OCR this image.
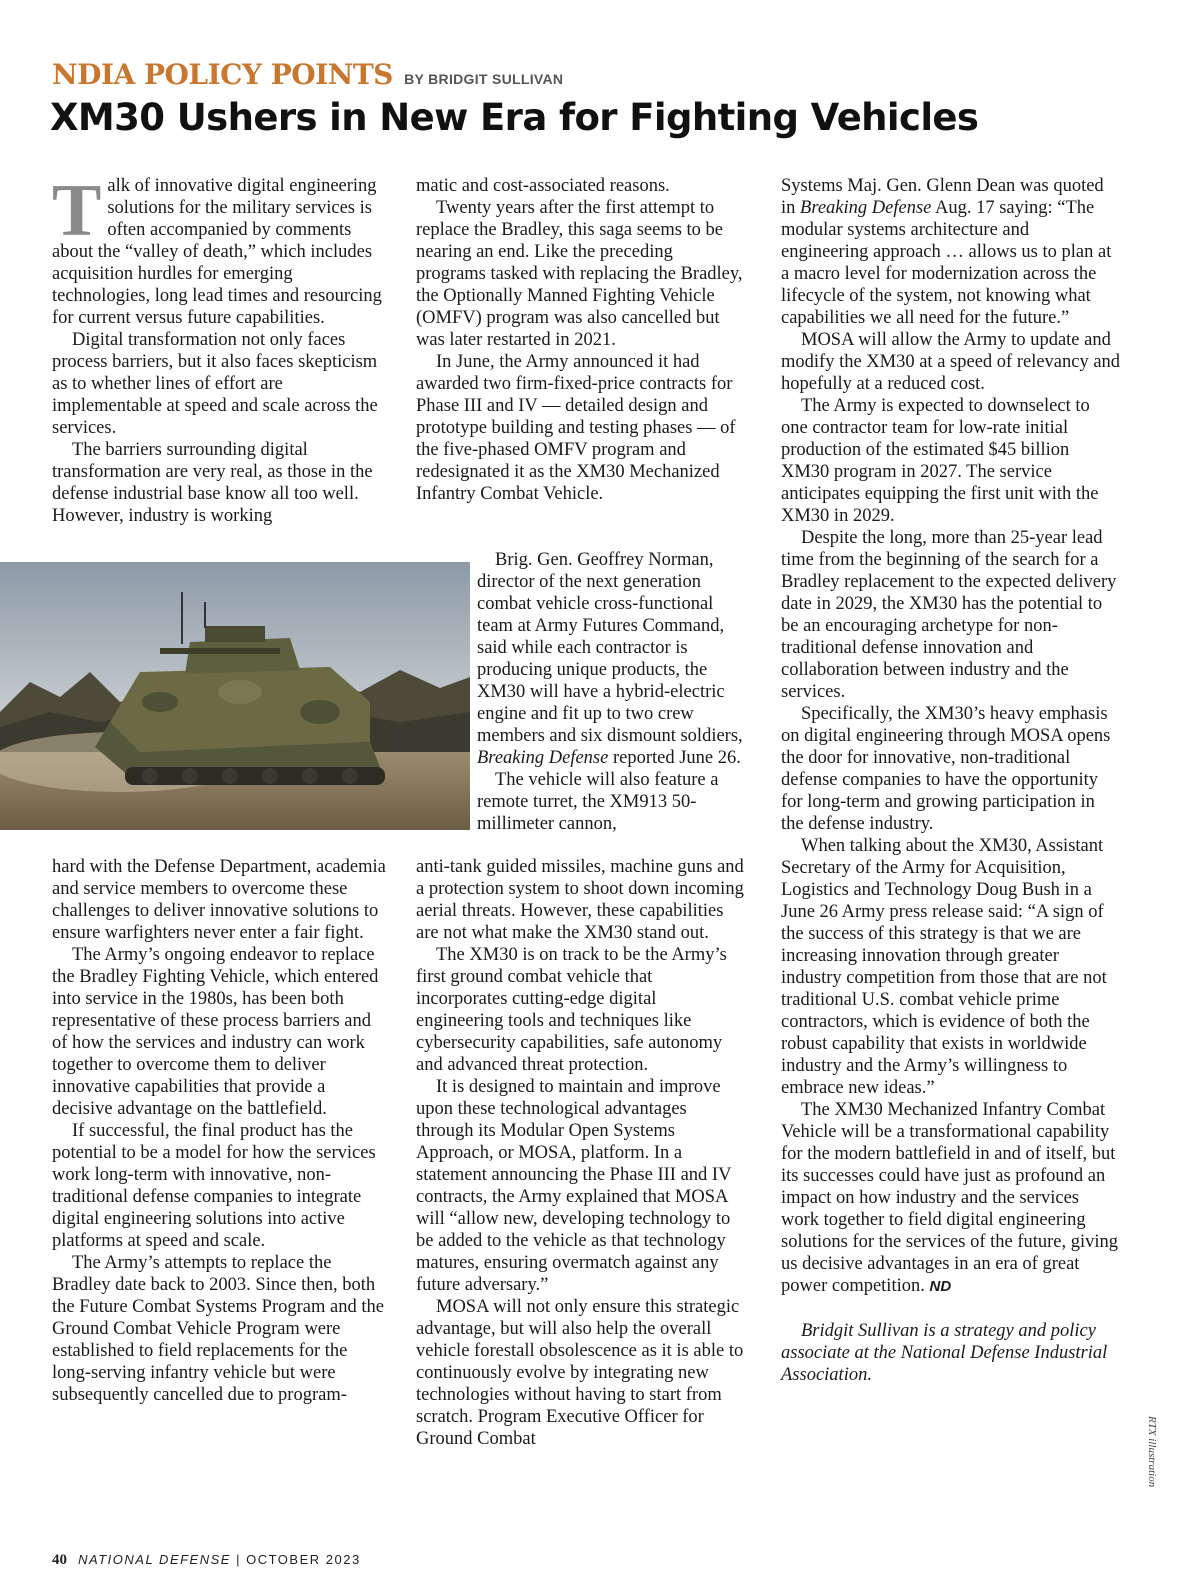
NDIA POLICY POINTS BY BRIDGIT SULLIVAN
XM30 Ushers in New Era for Fighting Vehicles

Talk of innovative digital engineering solutions for the military services is often accompanied by comments about the “valley of death,” which includes acquisition hurdles for emerging technologies, long lead times and resourcing for current versus future capabilities.

Digital transformation not only faces process barriers, but it also faces skepticism as to whether lines of effort are implementable at speed and scale across the services.

The barriers surrounding digital transformation are very real, as those in the defense industrial base know all too well. However, industry is working

hard with the Defense Department, academia and service members to overcome these challenges to deliver innovative solutions to ensure warfighters never enter a fair fight.

The Army’s ongoing endeavor to replace the Bradley Fighting Vehicle, which entered into service in the 1980s, has been both representative of these process barriers and of how the services and industry can work together to overcome them to deliver innovative capabilities that provide a decisive advantage on the battlefield.

If successful, the final product has the potential to be a model for how the services work long-term with innovative, non-traditional defense companies to integrate digital engineering solutions into active platforms at speed and scale.

The Army’s attempts to replace the Bradley date back to 2003. Since then, both the Future Combat Systems Program and the Ground Combat Vehicle Program were established to field replacements for the long-serving infantry vehicle but were subsequently cancelled due to program-

matic and cost-associated reasons.

Twenty years after the first attempt to replace the Bradley, this saga seems to be nearing an end. Like the preceding programs tasked with replacing the Bradley, the Optionally Manned Fighting Vehicle (OMFV) program was also cancelled but was later restarted in 2021.

In June, the Army announced it had awarded two firm-fixed-price contracts for Phase III and IV — detailed design and prototype building and testing phases — of the five-phased OMFV program and redesignated it as the XM30 Mechanized Infantry Combat Vehicle.

Brig. Gen. Geoffrey Norman, director of the next generation combat vehicle cross-functional team at Army Futures Command, said while each contractor is producing unique products, the XM30 will have a hybrid-electric engine and fit up to two crew members and six dismount soldiers, Breaking Defense reported June 26.

The vehicle will also feature a remote turret, the XM913 50-millimeter cannon,

anti-tank guided missiles, machine guns and a protection system to shoot down incoming aerial threats. However, these capabilities are not what make the XM30 stand out.

The XM30 is on track to be the Army’s first ground combat vehicle that incorporates cutting-edge digital engineering tools and techniques like cybersecurity capabilities, safe autonomy and advanced threat protection.

It is designed to maintain and improve upon these technological advantages through its Modular Open Systems Approach, or MOSA, platform. In a statement announcing the Phase III and IV contracts, the Army explained that MOSA will “allow new, developing technology to be added to the vehicle as that technology matures, ensuring overmatch against any future adversary.”

MOSA will not only ensure this strategic advantage, but will also help the overall vehicle forestall obsolescence as it is able to continuously evolve by integrating new technologies without having to start from scratch. Program Executive Officer for Ground Combat

Systems Maj. Gen. Glenn Dean was quoted in Breaking Defense Aug. 17 saying: “The modular systems architecture and engineering approach … allows us to plan at a macro level for modernization across the lifecycle of the system, not knowing what capabilities we all need for the future.”

MOSA will allow the Army to update and modify the XM30 at a speed of relevancy and hopefully at a reduced cost.

The Army is expected to downselect to one contractor team for low-rate initial production of the estimated $45 billion XM30 program in 2027. The service anticipates equipping the first unit with the XM30 in 2029.

Despite the long, more than 25-year lead time from the beginning of the search for a Bradley replacement to the expected delivery date in 2029, the XM30 has the potential to be an encouraging archetype for non-traditional defense innovation and collaboration between industry and the services.

Specifically, the XM30’s heavy emphasis on digital engineering through MOSA opens the door for innovative, non-traditional defense companies to have the opportunity for long-term and growing participation in the defense industry.

When talking about the XM30, Assistant Secretary of the Army for Acquisition, Logistics and Technology Doug Bush in a June 26 Army press release said: “A sign of the success of this strategy is that we are increasing innovation through greater industry competition from those that are not traditional U.S. combat vehicle prime contractors, which is evidence of both the robust capability that exists in worldwide industry and the Army’s willingness to embrace new ideas.”

The XM30 Mechanized Infantry Combat Vehicle will be a transformational capability for the modern battlefield in and of itself, but its successes could have just as profound an impact on how industry and the services work together to field digital engineering solutions for the services of the future, giving us decisive advantages in an era of great power competition. ND

Bridgit Sullivan is a strategy and policy associate at the National Defense Industrial Association.

RTX illustration
40 NATIONAL DEFENSE | OCTOBER 2023
